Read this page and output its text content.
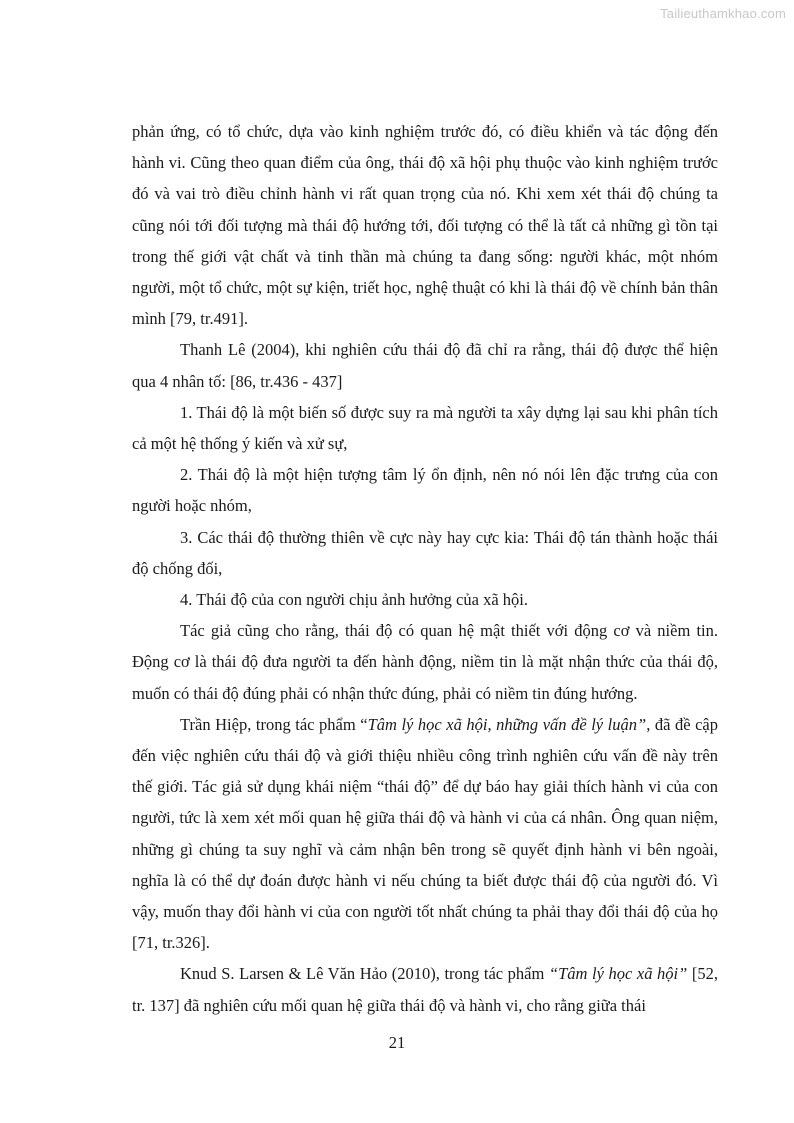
Tailieuthamkhao.com

phản ứng, có tổ chức, dựa vào kinh nghiệm trước đó, có điều khiển và tác động đến hành vi. Cũng theo quan điểm của ông, thái độ xã hội phụ thuộc vào kinh nghiệm trước đó và vai trò điều chỉnh hành vi rất quan trọng của nó. Khi xem xét thái độ chúng ta cũng nói tới đối tượng mà thái độ hướng tới, đối tượng có thể là tất cả những gì tồn tại trong thế giới vật chất và tinh thần mà chúng ta đang sống: người khác, một nhóm người, một tổ chức, một sự kiện, triết học, nghệ thuật có khi là thái độ về chính bản thân mình [79, tr.491].

Thanh Lê (2004), khi nghiên cứu thái độ đã chỉ ra rằng, thái độ được thể hiện qua 4 nhân tố: [86, tr.436 - 437]

1. Thái độ là một biến số được suy ra mà người ta xây dựng lại sau khi phân tích cả một hệ thống ý kiến và xử sự,

2. Thái độ là một hiện tượng tâm lý ổn định, nên nó nói lên đặc trưng của con người hoặc nhóm,

3. Các thái độ thường thiên về cực này hay cực kia: Thái độ tán thành hoặc thái độ chống đối,

4. Thái độ của con người chịu ảnh hưởng của xã hội.

Tác giả cũng cho rằng, thái độ có quan hệ mật thiết với động cơ và niềm tin. Động cơ là thái độ đưa người ta đến hành động, niềm tin là mặt nhận thức của thái độ, muốn có thái độ đúng phải có nhận thức đúng, phải có niềm tin đúng hướng.

Trần Hiệp, trong tác phẩm “Tâm lý học xã hội, những vấn đề lý luận”, đã đề cập đến việc nghiên cứu thái độ và giới thiệu nhiều công trình nghiên cứu vấn đề này trên thế giới. Tác giả sử dụng khái niệm “thái độ” để dự báo hay giải thích hành vi của con người, tức là xem xét mối quan hệ giữa thái độ và hành vi của cá nhân. Ông quan niệm, những gì chúng ta suy nghĩ và cảm nhận bên trong sẽ quyết định hành vi bên ngoài, nghĩa là có thể dự đoán được hành vi nếu chúng ta biết được thái độ của người đó. Vì vậy, muốn thay đổi hành vi của con người tốt nhất chúng ta phải thay đổi thái độ của họ [71, tr.326].

Knud S. Larsen & Lê Văn Hảo (2010), trong tác phẩm “Tâm lý học xã hội” [52, tr. 137] đã nghiên cứu mối quan hệ giữa thái độ và hành vi, cho rằng giữa thái

21
